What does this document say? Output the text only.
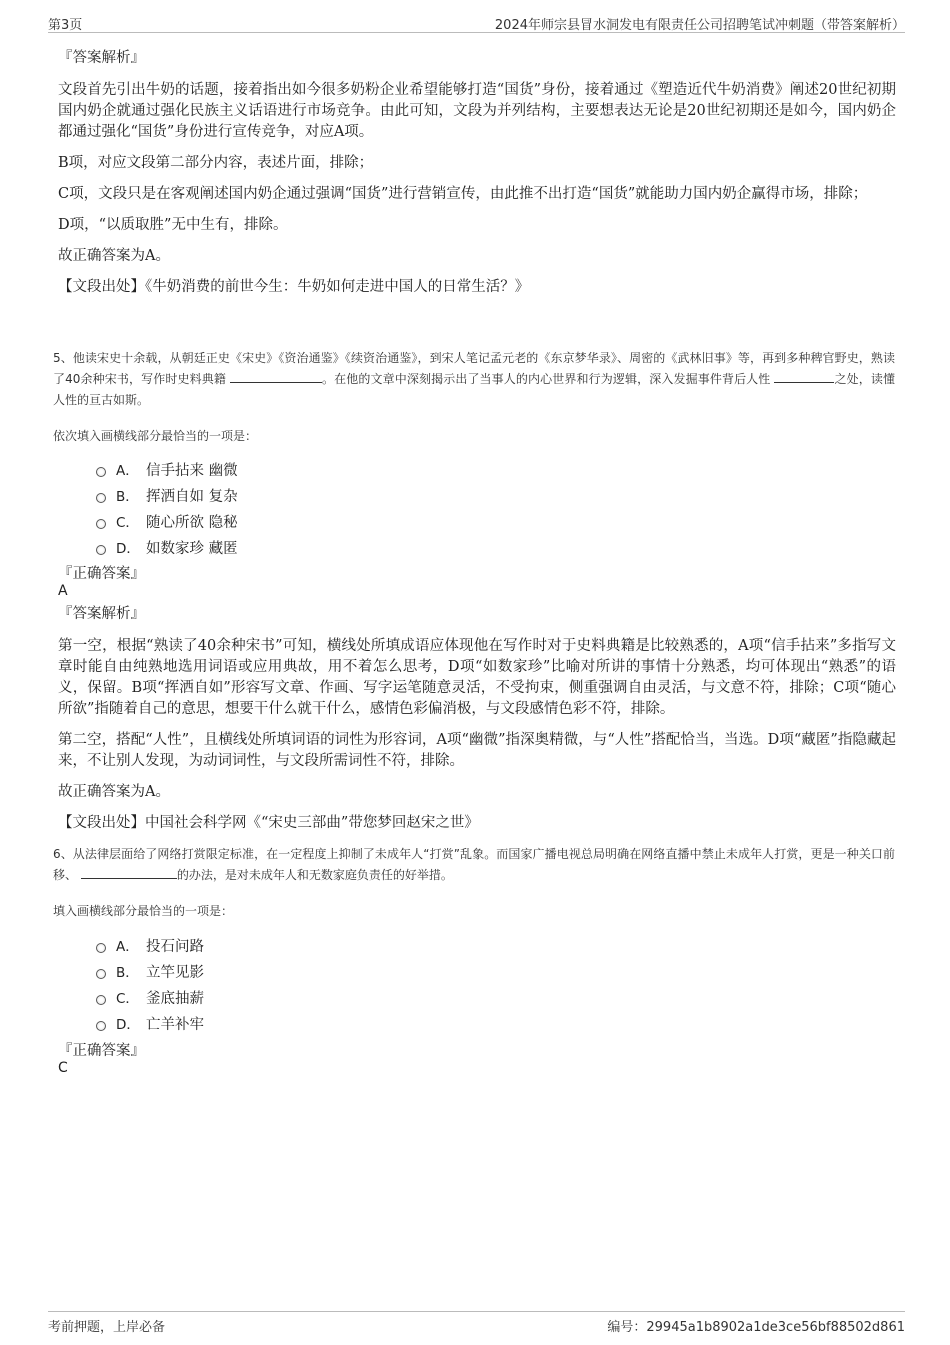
第3页	2024年师宗县冒水洞发电有限责任公司招聘笔试冲刺题（带答案解析）

『答案解析』

文段首先引出牛奶的话题，接着指出如今很多奶粉企业希望能够打造“国货”身份，接着通过《塑造近代牛奶消费》阐述20世纪初期国内奶企就通过强化民族主义话语进行市场竞争。由此可知，文段为并列结构，主要想表达无论是20世纪初期还是如今，国内奶企都通过强化“国货”身份进行宣传竞争，对应A项。

B项，对应文段第二部分内容，表述片面，排除；

C项，文段只是在客观阐述国内奶企通过强调“国货”进行营销宣传，由此推不出打造“国货”就能助力国内奶企赢得市场，排除；

D项，“以质取胜”无中生有，排除。

故正确答案为A。

【文段出处】《牛奶消费的前世今生：牛奶如何走进中国人的日常生活？》

5、他读宋史十余载，从朝廷正史《宋史》《资治通鉴》《续资治通鉴》，到宋人笔记孟元老的《东京梦华录》、周密的《武林旧事》等，再到多种稗官野史，熟读了40余种宋书，写作时史料典籍	。在他的文章中深刻揭示出了当事人的内心世界和行为逻辑，深入发掘事件背后人性	之处，读懂人性的亘古如斯。

依次填入画横线部分最恰当的一项是：

A． 信手拈来 幽微
B． 挥洒自如 复杂
C． 随心所欲 隐秘
D． 如数家珍 藏匿
『正确答案』
A

『答案解析』

第一空，根据“熟读了40余种宋书”可知，横线处所填成语应体现他在写作时对于史料典籍是比较熟悉的，A项“信手拈来”多指写文章时能自由纯熟地选用词语或应用典故，用不着怎么思考，D项“如数家珍”比喻对所讲的事情十分熟悉，均可体现出“熟悉”的语义，保留。B项“挥洒自如”形容写文章、作画、写字运笔随意灵活，不受拘束，侧重强调自由灵活，与文意不符，排除；C项“随心所欲”指随着自己的意思，想要干什么就干什么，感情色彩偏消极，与文段感情色彩不符，排除。

第二空，搭配“人性”，且横线处所填词语的词性为形容词，A项“幽微”指深奥精微，与“人性”搭配恰当，当选。D项“藏匿”指隐藏起来，不让别人发现，为动词词性，与文段所需词性不符，排除。

故正确答案为A。

【文段出处】中国社会科学网《“宋史三部曲”带您梦回赵宋之世》

6、从法律层面给了网络打赏限定标准，在一定程度上抑制了未成年人“打赏”乱象。而国家广播电视总局明确在网络直播中禁止未成年人打赏，更是一种关口前移、	的办法，是对未成年人和无数家庭负责任的好举措。

填入画横线部分最恰当的一项是：

A． 投石问路
B． 立竿见影
C． 釜底抽薪
D． 亡羊补牢
『正确答案』
C
考前押题，上岸必备	编号：29945a1b8902a1de3ce56bf88502d861
